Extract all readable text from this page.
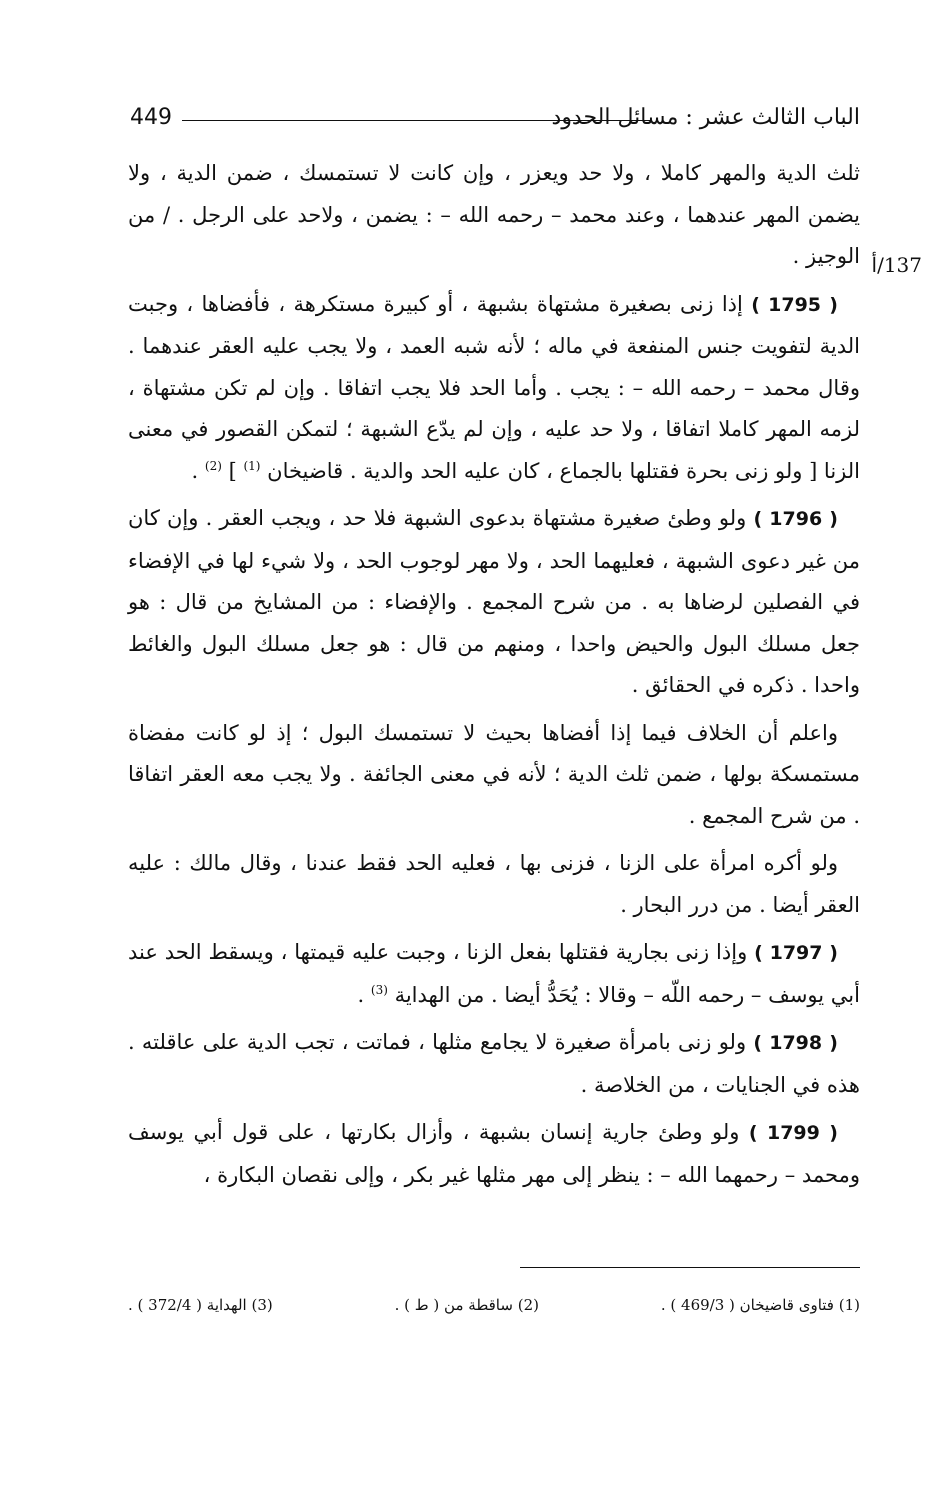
الباب الثالث عشر : مسائل الحدود
449
137/أ

ثلث الدية والمهر كاملا ، ولا حد ويعزر ، وإن كانت لا تستمسك ، ضمن الدية ، ولا يضمن المهر عندهما ، وعند محمد – رحمه الله – : يضمن ، ولاحد على الرجل . / من الوجيز .

( 1795 ) إذا زنى بصغيرة مشتهاة بشبهة ، أو كبيرة مستكرهة ، فأفضاها ، وجبت الدية لتفويت جنس المنفعة في ماله ؛ لأنه شبه العمد ، ولا يجب عليه العقر عندهما . وقال محمد – رحمه الله – : يجب . وأما الحد فلا يجب اتفاقا . وإن لم تكن مشتهاة ، لزمه المهر كاملا اتفاقا ، ولا حد عليه ، وإن لم يدّع الشبهة ؛ لتمكن القصور في معنى الزنا [ ولو زنى بحرة فقتلها بالجماع ، كان عليه الحد والدية . قاضيخان $^{(1)}$ ] $^{(2)}$ .

( 1796 ) ولو وطئ صغيرة مشتهاة بدعوى الشبهة فلا حد ، ويجب العقر . وإن كان من غير دعوى الشبهة ، فعليهما الحد ، ولا مهر لوجوب الحد ، ولا شيء لها في الإفضاء في الفصلين لرضاها به . من شرح المجمع . والإفضاء : من المشايخ من قال : هو جعل مسلك البول والحيض واحدا ، ومنهم من قال : هو جعل مسلك البول والغائط واحدا . ذكره في الحقائق .

واعلم أن الخلاف فيما إذا أفضاها بحيث لا تستمسك البول ؛ إذ لو كانت مفضاة مستمسكة بولها ، ضمن ثلث الدية ؛ لأنه في معنى الجائفة . ولا يجب معه العقر اتفاقا . من شرح المجمع .

ولو أكره امرأة على الزنا ، فزنى بها ، فعليه الحد فقط عندنا ، وقال مالك : عليه العقر أيضا . من درر البحار .

( 1797 ) وإذا زنى بجارية فقتلها بفعل الزنا ، وجبت عليه قيمتها ، ويسقط الحد عند أبي يوسف – رحمه اللّه – وقالا : يُحَدُّ أيضا . من الهداية $^{(3)}$ .

( 1798 ) ولو زنى بامرأة صغيرة لا يجامع مثلها ، فماتت ، تجب الدية على عاقلته . هذه في الجنايات ، من الخلاصة .

( 1799 ) ولو وطئ جارية إنسان بشبهة ، وأزال بكارتها ، على قول أبي يوسف ومحمد – رحمهما الله – : ينظر إلى مهر مثلها غير بكر ، وإلى نقصان البكارة ،

(1) فتاوى قاضيخان ( 469/3 ) .
(2) ساقطة من ( ط ) .
(3) الهداية ( 372/4 ) .
